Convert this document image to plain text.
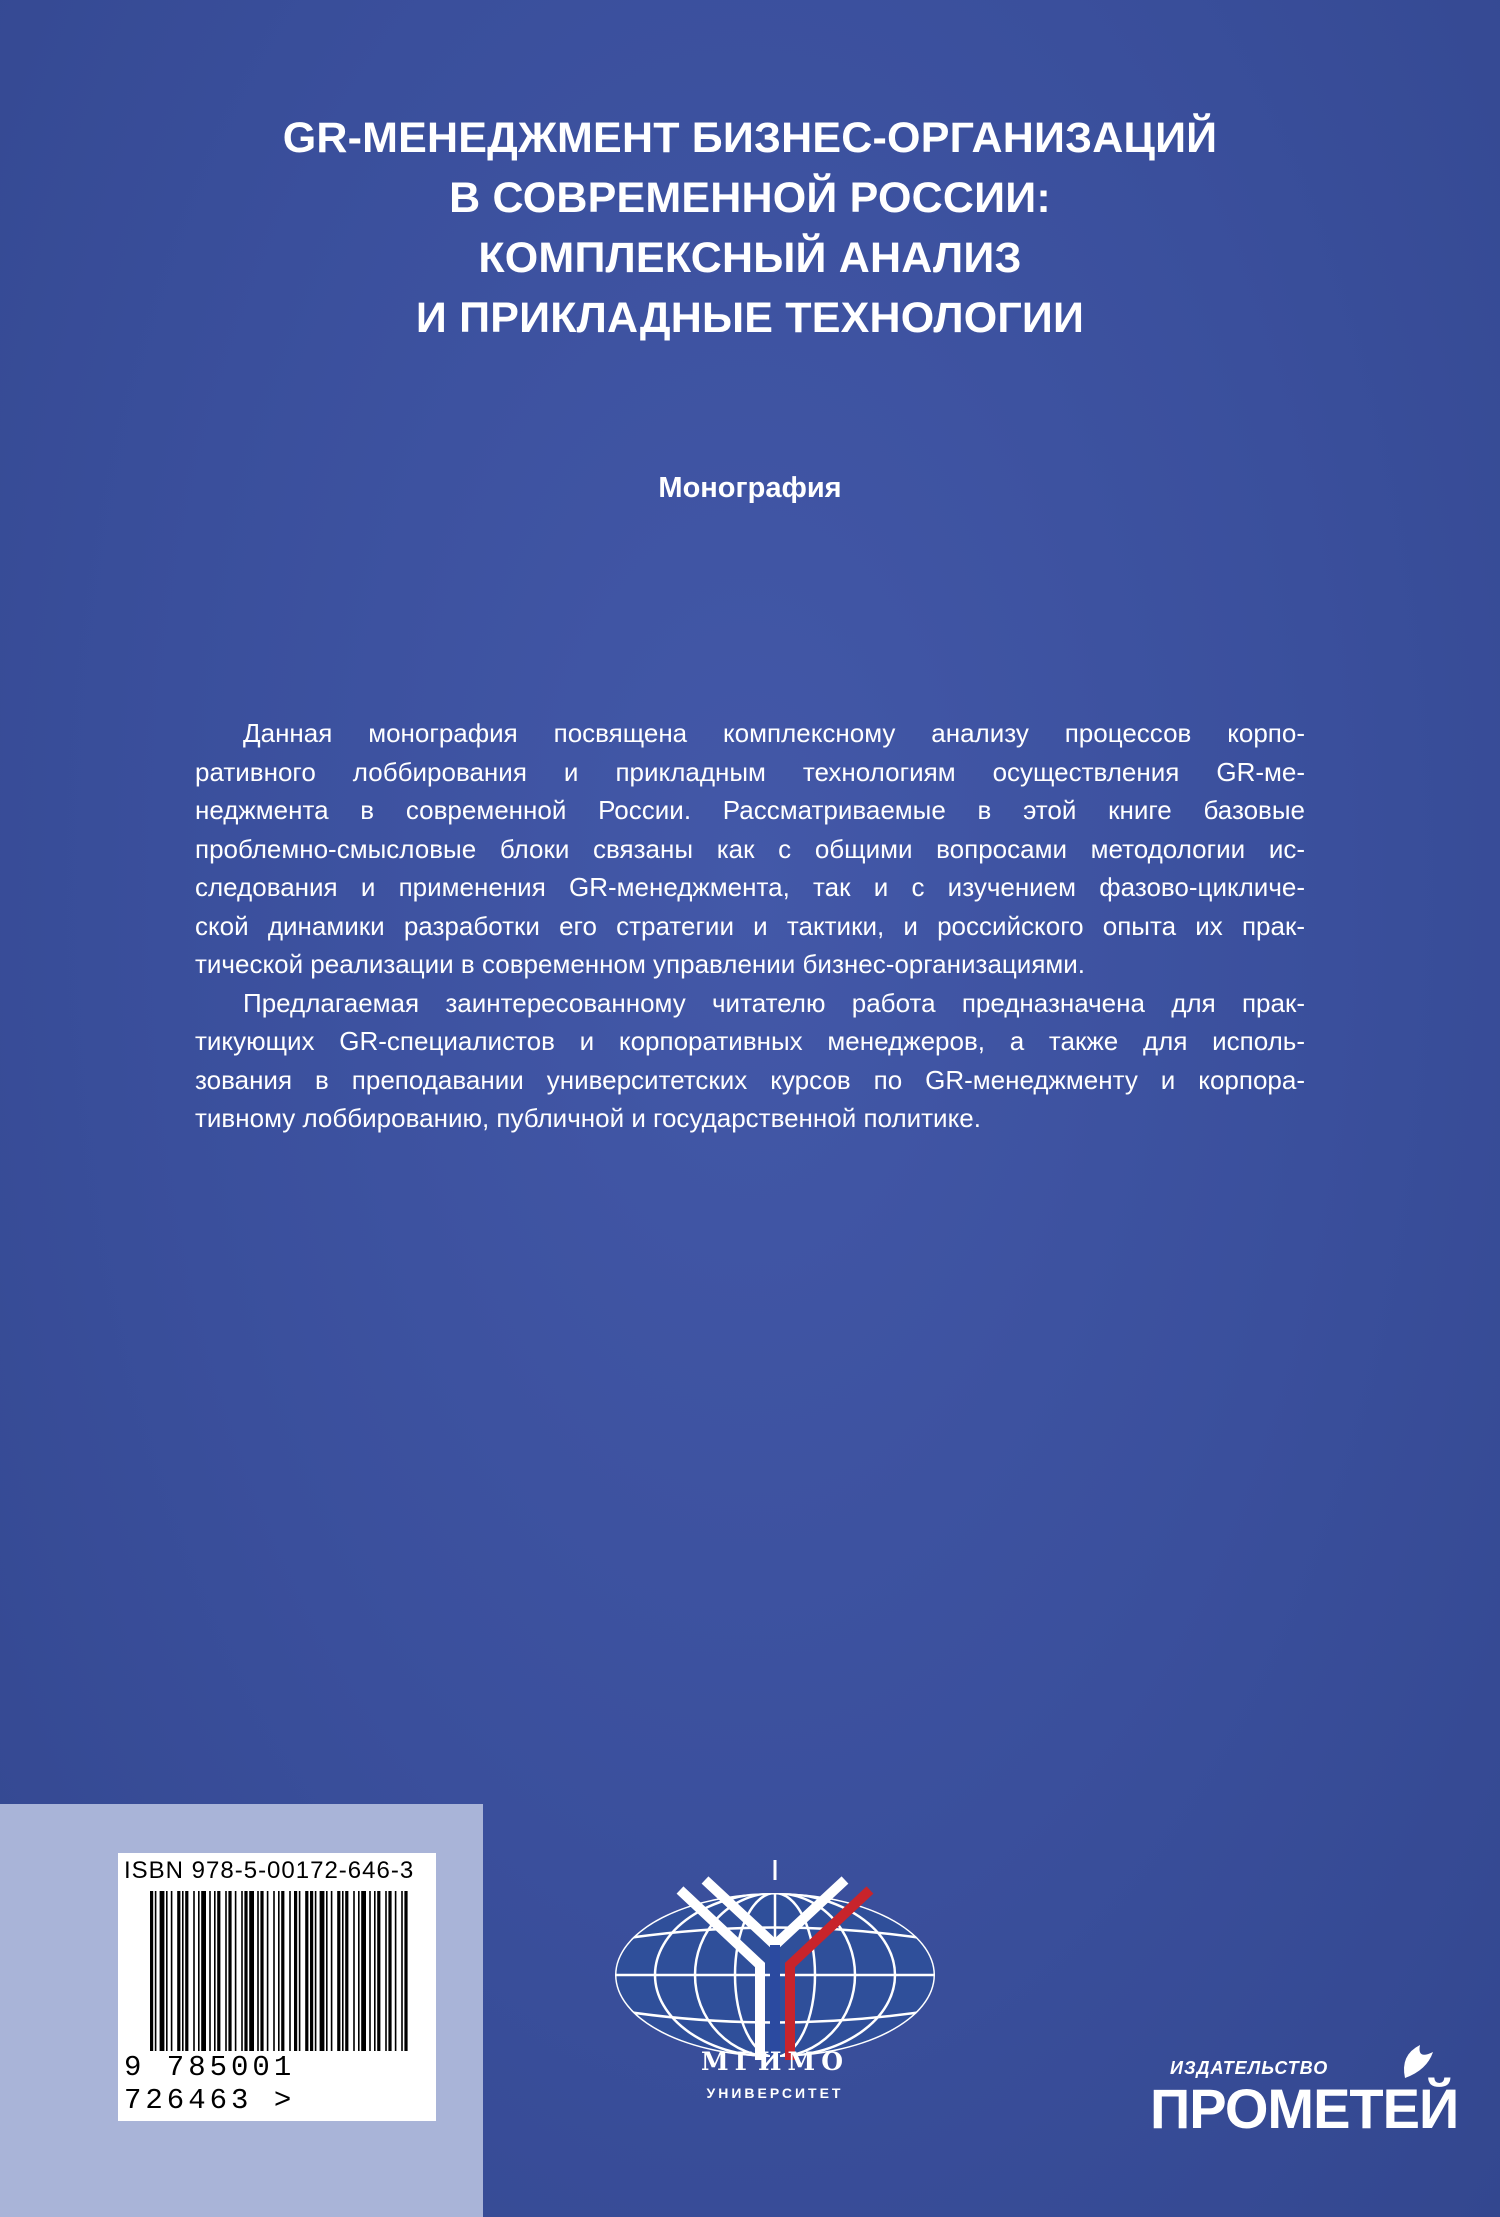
GR-МЕНЕДЖМЕНТ БИЗНЕС-ОРГАНИЗАЦИЙ
В СОВРЕМЕННОЙ РОССИИ:
КОМПЛЕКСНЫЙ АНАЛИЗ
И ПРИКЛАДНЫЕ ТЕХНОЛОГИИ
Монография
Данная монография посвящена комплексному анализу процессов корпо-
ративного лоббирования и прикладным технологиям осуществления GR-ме-
неджмента в современной России. Рассматриваемые в этой книге базовые
проблемно-смысловые блоки связаны как с общими вопросами методологии ис-
следования и применения GR-менеджмента, так и с изучением фазово-цикличе-
ской динамики разработки его стратегии и тактики, и российского опыта их прак-
тической реализации в современном управлении бизнес-организациями.
Предлагаемая заинтересованному читателю работа предназначена для прак-
тикующих GR-специалистов и корпоративных менеджеров, а также для исполь-
зования в преподавании университетских курсов по GR-менеджменту и корпора-
тивному лоббированию, публичной и государственной политике.
ISBN 978-5-00172-646-3
9 785001 726463 >
МГИМО
УНИВЕРСИТЕТ
ИЗДАТЕЛЬСТВО
ПРОМЕТЕЙ
